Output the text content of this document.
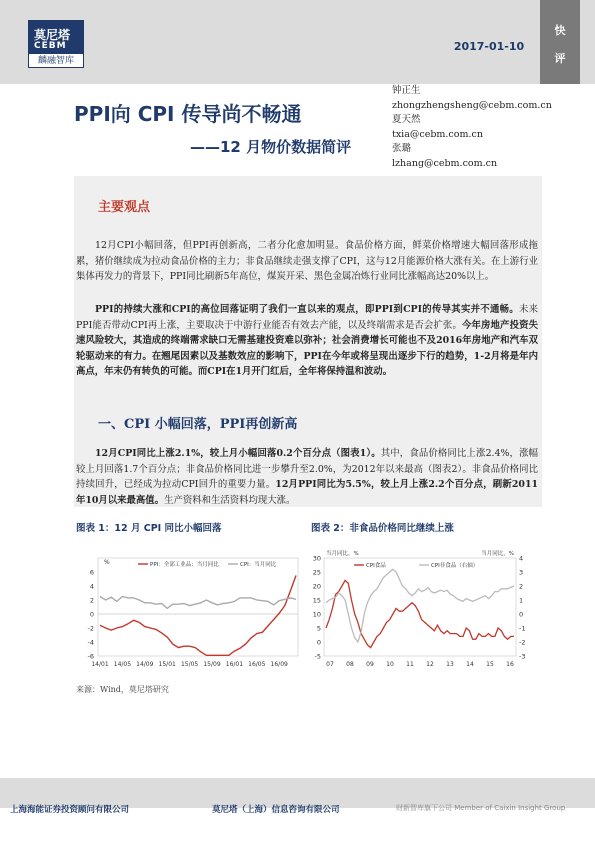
莫尼塔
CEBM
麟融智库
2017-01-10
快
评
PPI向 CPI 传导尚不畅通
——12 月物价数据简评
钟正生
zhongzhengsheng@cebm.com.cn
夏天然
txia@cebm.com.cn
张璐
lzhang@cebm.com.cn
主要观点
12月CPI小幅回落，但PPI再创新高，二者分化愈加明显。食品价格方面，鲜菜价格增速大幅回落形成拖累，猪价继续成为拉动食品价格的主力；非食品继续走强支撑了CPI，这与12月能源价格大涨有关。在上游行业集体再发力的背景下，PPI同比刷新5年高位，煤炭开采、黑色金属冶炼行业同比涨幅高达20%以上。
PPI的持续大涨和CPI的高位回落证明了我们一直以来的观点，即PPI到CPI的传导其实并不通畅。未来PPI能否带动CPI再上涨，主要取决于中游行业能否有效去产能，以及终端需求是否会扩张。今年房地产投资失速风险较大，其造成的终端需求缺口无需基建投资难以弥补；社会消费增长可能也不及2016年房地产和汽车双轮驱动来的有力。在翘尾因素以及基数效应的影响下，PPI在今年或将呈现出逐步下行的趋势，1-2月将是年内高点，年末仍有转负的可能。而CPI在1月开门红后，全年将保持温和波动。
一、CPI 小幅回落，PPI再创新高
12月CPI同比上涨2.1%，较上月小幅回落0.2个百分点（图表1）。其中，食品价格同比上涨2.4%，涨幅较上月回落1.7个百分点；非食品价格同比进一步攀升至2.0%，为2012年以来最高（图表2）。非食品价格同比持续回升，已经成为拉动CPI回升的重要力量。12月PPI同比为5.5%，较上月上涨2.2个百分点，刷新2011年10月以来最高值。生产资料和生活资料均现大涨。
图表 1：12 月 CPI 同比小幅回落	图表 2：非食品价格同比继续上涨
-6
-4
-2
0
2
4
6
%
14/01 14/05 14/09 15/01 15/05 15/09 16/01 16/05 16/09
PPI：全部工业品：当月同比	CPI：当月同比
-5
0
5
10
15
20
25
30
-3
-2
-1
0
1
2
3
4
当月同比，%	当月同比，%
07 08 09 10 11 12 13 14 15 16
CPI食品	CPI非食品（右轴）
来源：Wind，莫尼塔研究
上海海能证券投资顾问有限公司	莫尼塔（上海）信息咨询有限公司	财新智库旗下公司 Member of Caixin Insight Group
